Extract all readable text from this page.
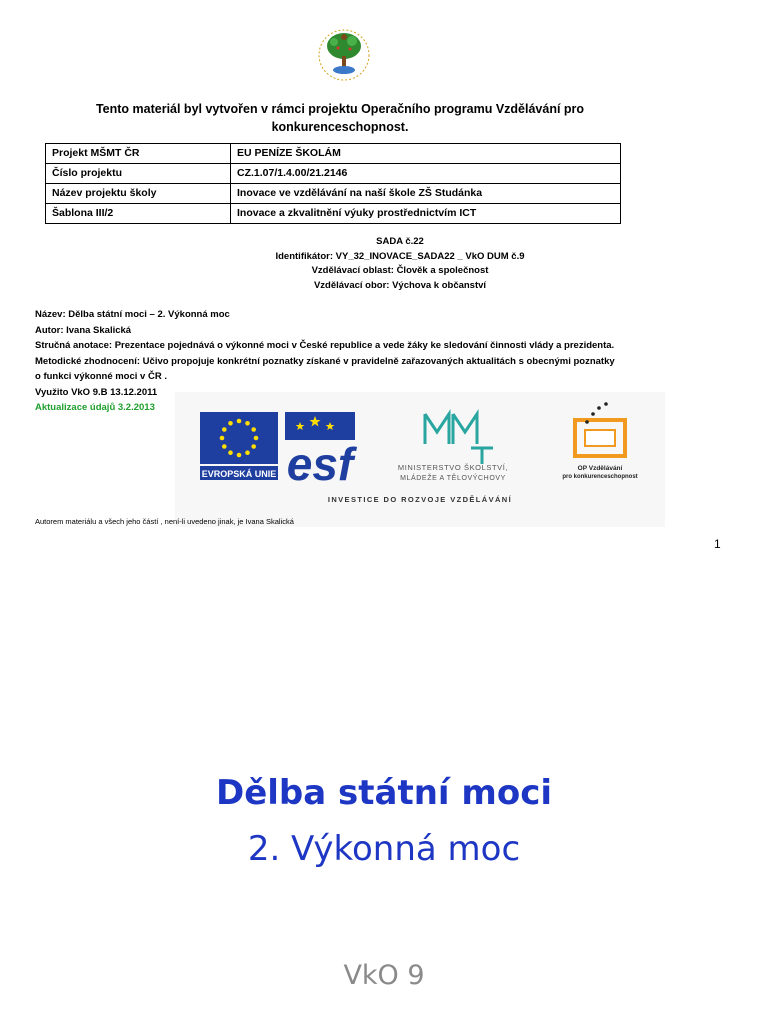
Tento materiál byl vytvořen v rámci projektu Operačního programu Vzdělávání pro
konkurenceschopnost.
Projekt MŠMT ČR	EU PENÍZE ŠKOLÁM
Číslo projektu	CZ.1.07/1.4.00/21.2146
Název projektu školy	Inovace ve vzdělávání na naší škole ZŠ Studánka
Šablona III/2	Inovace a zkvalitnění výuky prostřednictvím ICT
SADA č.22
Identifikátor: VY_32_INOVACE_SADA22 _ VkO DUM č.9
Vzdělávací oblast: Člověk a společnost
Vzdělávací obor: Výchova k občanství
Název: Dělba státní moci – 2. Výkonná moc
Autor: Ivana Skalická
Stručná anotace: Prezentace pojednává o výkonné moci v České republice a vede žáky ke sledování činnosti vlády a prezidenta.
Metodické zhodnocení: Učivo propojuje konkrétní poznatky získané v pravidelně zařazovaných aktualitách s obecnými poznatky
o funkci výkonné moci v ČR .
Využito VkO 9.B 13.12.2011
Aktualizace údajů 3.2.2013
EVROPSKÁ UNIE esf	MINISTERSTVO ŠKOLSTVÍ,
MLÁDEŽE A TĚLOVÝCHOVY
OP Vzdělávání
pro konkurenceschopnost
INVESTICE DO ROZVOJE VZDĚLÁVÁNÍ
Autorem materiálu a všech jeho částí , není-li uvedeno jinak, je Ivana Skalická
1
Dělba státní moci
2. Výkonná moc
VkO 9
